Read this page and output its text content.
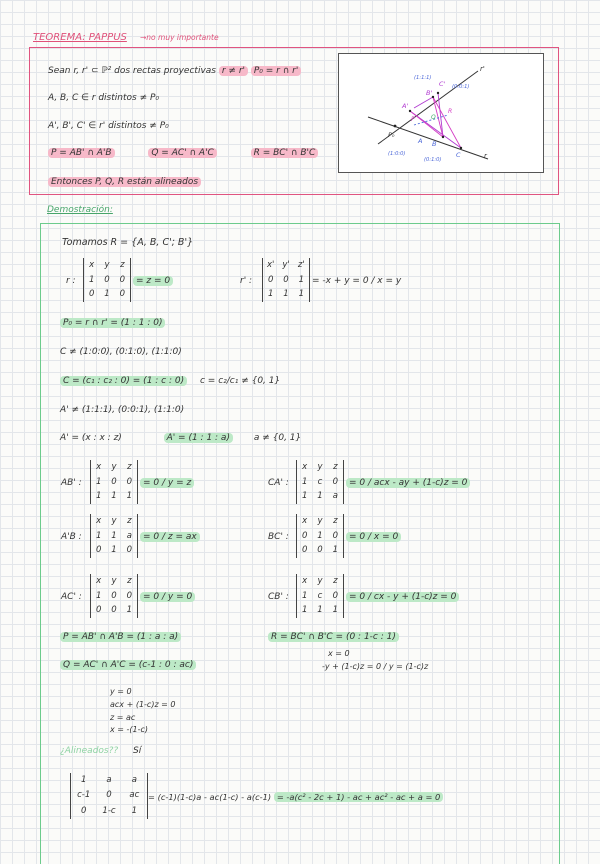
TEOREMA: PAPPUS →no muy importante
Sean r, r' ⊂ ℙ² dos rectas proyectivas r ≠ r' P₀ = r ∩ r'
A, B, C ∈ r distintos ≠ P₀
A', B', C' ∈ r' distintos ≠ P₀
P = AB' ∩ A'B	Q = AC' ∩ A'C	R = BC' ∩ B'C
Entonces P, Q, R están alineados
r'
r
C'
B'
A'
P₀
A B
C
P	Q
R
(1:1:1)
(0:0:1)
(1:0:0)
(0:1:0)
Demostración:
Tomamos R = {A, B, C'; B'}
r :
x	y	z
1	0	0
0	1	0
= z = 0	r' :
x' y' z'
0	0	1
1	1	1
= -x + y = 0 / x = y
P₀ = r ∩ r' = (1 : 1 : 0)
C ≠ (1:0:0), (0:1:0), (1:1:0)
C = (c₁ : c₂ : 0) = (1 : c : 0) c = c₂/c₁ ≠ {0, 1}
A' ≠ (1:1:1), (0:0:1), (1:1:0)
A' = (x : x : z)	A' = (1 : 1 : a)	a ≠ {0, 1}
AB' :
x	y	z
1	0	0
1	1	1
= 0 / y = z	CA' :
x	y	z
1	c	0
1	1	a
= 0 / acx - ay + (1-c)z = 0
A'B :
x	y	z
1	1	a
0	1	0
= 0 / z = ax	BC' :
x	y	z
0	1	0
0	0	1
= 0 / x = 0
AC' :
x	y	z
1	0	0
0	0	1
= 0 / y = 0	CB' :
x	y	z
1	c	0
1	1	1
= 0 / cx - y + (1-c)z = 0
P = AB' ∩ A'B = (1 : a : a)	R = BC' ∩ B'C = (0 : 1-c : 1)
Q = AC' ∩ A'C = (c-1 : 0 : ac)
x = 0
-y + (1-c)z = 0 / y = (1-c)z
y = 0
acx + (1-c)z = 0
z = ac
x = -(1-c)
¿Alineados?? Sí
1	a	a
c-1	0	ac
0	1-c	1
= (c-1)(1-c)a - ac(1-c) - a(c-1) = -a(c² - 2c + 1) - ac + ac² - ac + a = 0
